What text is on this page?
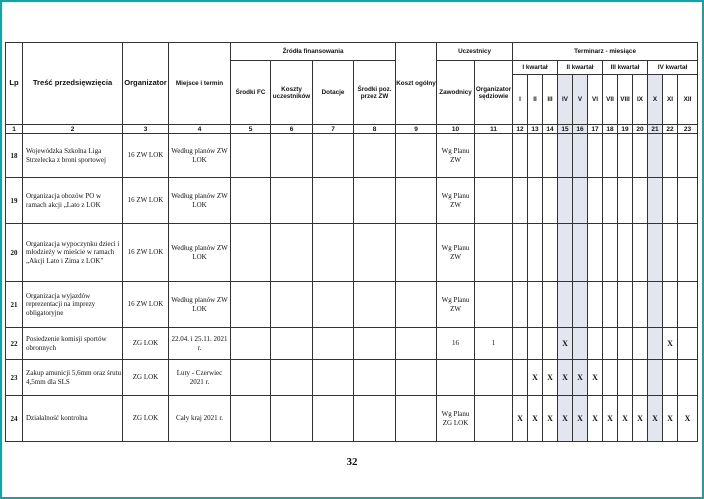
Lp	Treść przedsięwzięcia	Organizator	Miejsce i termin	Źródła finansowania				Koszt ogólny	Uczestnicy		Terminarz - miesiące											
				Środki FC	Koszty uczestników	Dotacje	Środki poz. przez ZW		Zawodnicy	Organizator sędziowie	I kwartał			II kwartał			III kwartał			IV kwartał		
											I	II	III	IV	V	VI	VII	VIII	IX	X	XI	XII
1	2	3	4	5	6	7	8	9	10	11	12	13	14	15	16	17	18	19	20	21	22	23
18	Wojewódzka Szkolna Liga Strzelecka z broni sportowej	16 ZW LOK	Według planów ZW LOK						Wg Planu ZW													
19	Organizacja obozów PO w ramach akcji „Lato z LOK	16 ZW LOK	Według planów ZW LOK						Wg Planu ZW													
20	Organizacja wypoczynku dzieci i młodzieży w mieście w ramach „Akcji Lato i Zima z LOK"	16 ZW LOK	Według planów ZW LOK						Wg Planu ZW													
21	Organizacja wyjazdów reprezentacji na imprezy obligatoryjne	16 ZW LOK	Według planów ZW LOK						Wg Planu ZW													
22	Posiedzenie komisji sportów obronnych	ZG LOK	22.04. i 25.11. 2021 r.						16	1				X							X	
23	Zakup amunicji 5,6mm oraz śrutu 4,5mm dla SLS	ZG LOK	Luty - Czerwiec 2021 r.									X	X	X	X	X						
24	Działalność kontrolna	ZG LOK	Cały kraj 2021 r.						Wg Planu ZG LOK		X	X	X	X	X	X	X	X	X	X	X	X
32
